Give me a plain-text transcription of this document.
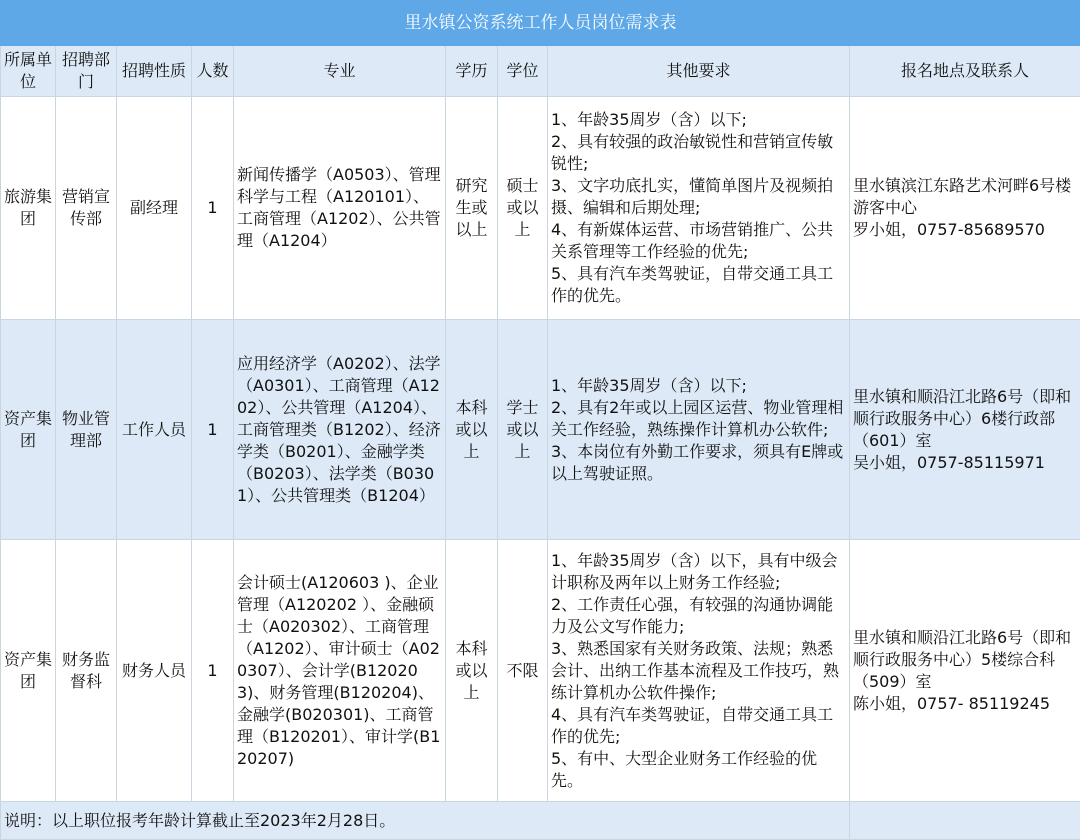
里水镇公资系统工作人员岗位需求表								
所属单位	招聘部门	招聘性质	人数	专业	学历	学位	其他要求	报名地点及联系人
旅游集团	营销宣传部	副经理	1	新闻传播学（A0503）、管理科学与工程（A120101）、工商管理（A1202）、公共管理（A1204）	研究生或以上	硕士或以上	1、年龄35周岁（含）以下;
2、具有较强的政治敏锐性和营销宣传敏锐性;
3、文字功底扎实，懂简单图片及视频拍摄、编辑和后期处理;
4、有新媒体运营、市场营销推广、公共关系管理等工作经验的优先;
5、具有汽车类驾驶证，自带交通工具工作的优先。	里水镇滨江东路艺术河畔6号楼游客中心
罗小姐，0757-85689570
资产集团	物业管理部	工作人员	1	应用经济学（A0202）、法学（A0301）、工商管理（A1202）、公共管理（A1204）、工商管理类（B1202）、经济学类（B0201）、金融学类（B0203）、法学类（B0301）、公共管理类（B1204）	本科或以上	学士或以上	1、年龄35周岁（含）以下;
2、具有2年或以上园区运营、物业管理相关工作经验，熟练操作计算机办公软件;
3、本岗位有外勤工作要求，须具有E牌或以上驾驶证照。	里水镇和顺沿江北路6号（即和顺行政服务中心）6楼行政部（601）室
吴小姐，0757-85115971
资产集团	财务监督科	财务人员	1	会计硕士(A120603 )、企业管理（A120202 ）、金融硕士（A020302）、工商管理（A1202）、审计硕士（A020307）、会计学(B120203)、财务管理(B120204)、金融学(B020301)、工商管理（B120201）、审计学(B120207)	本科或以上	不限	1、年龄35周岁（含）以下，具有中级会计职称及两年以上财务工作经验;
2、工作责任心强，有较强的沟通协调能力及公文写作能力;
3、熟悉国家有关财务政策、法规；熟悉会计、出纳工作基本流程及工作技巧，熟练计算机办公软件操作;
4、具有汽车类驾驶证，自带交通工具工作的优先;
5、有中、大型企业财务工作经验的优先。	里水镇和顺沿江北路6号（即和顺行政服务中心）5楼综合科（509）室
陈小姐，0757- 85119245
说明：以上职位报考年龄计算截止至2023年2月28日。								
